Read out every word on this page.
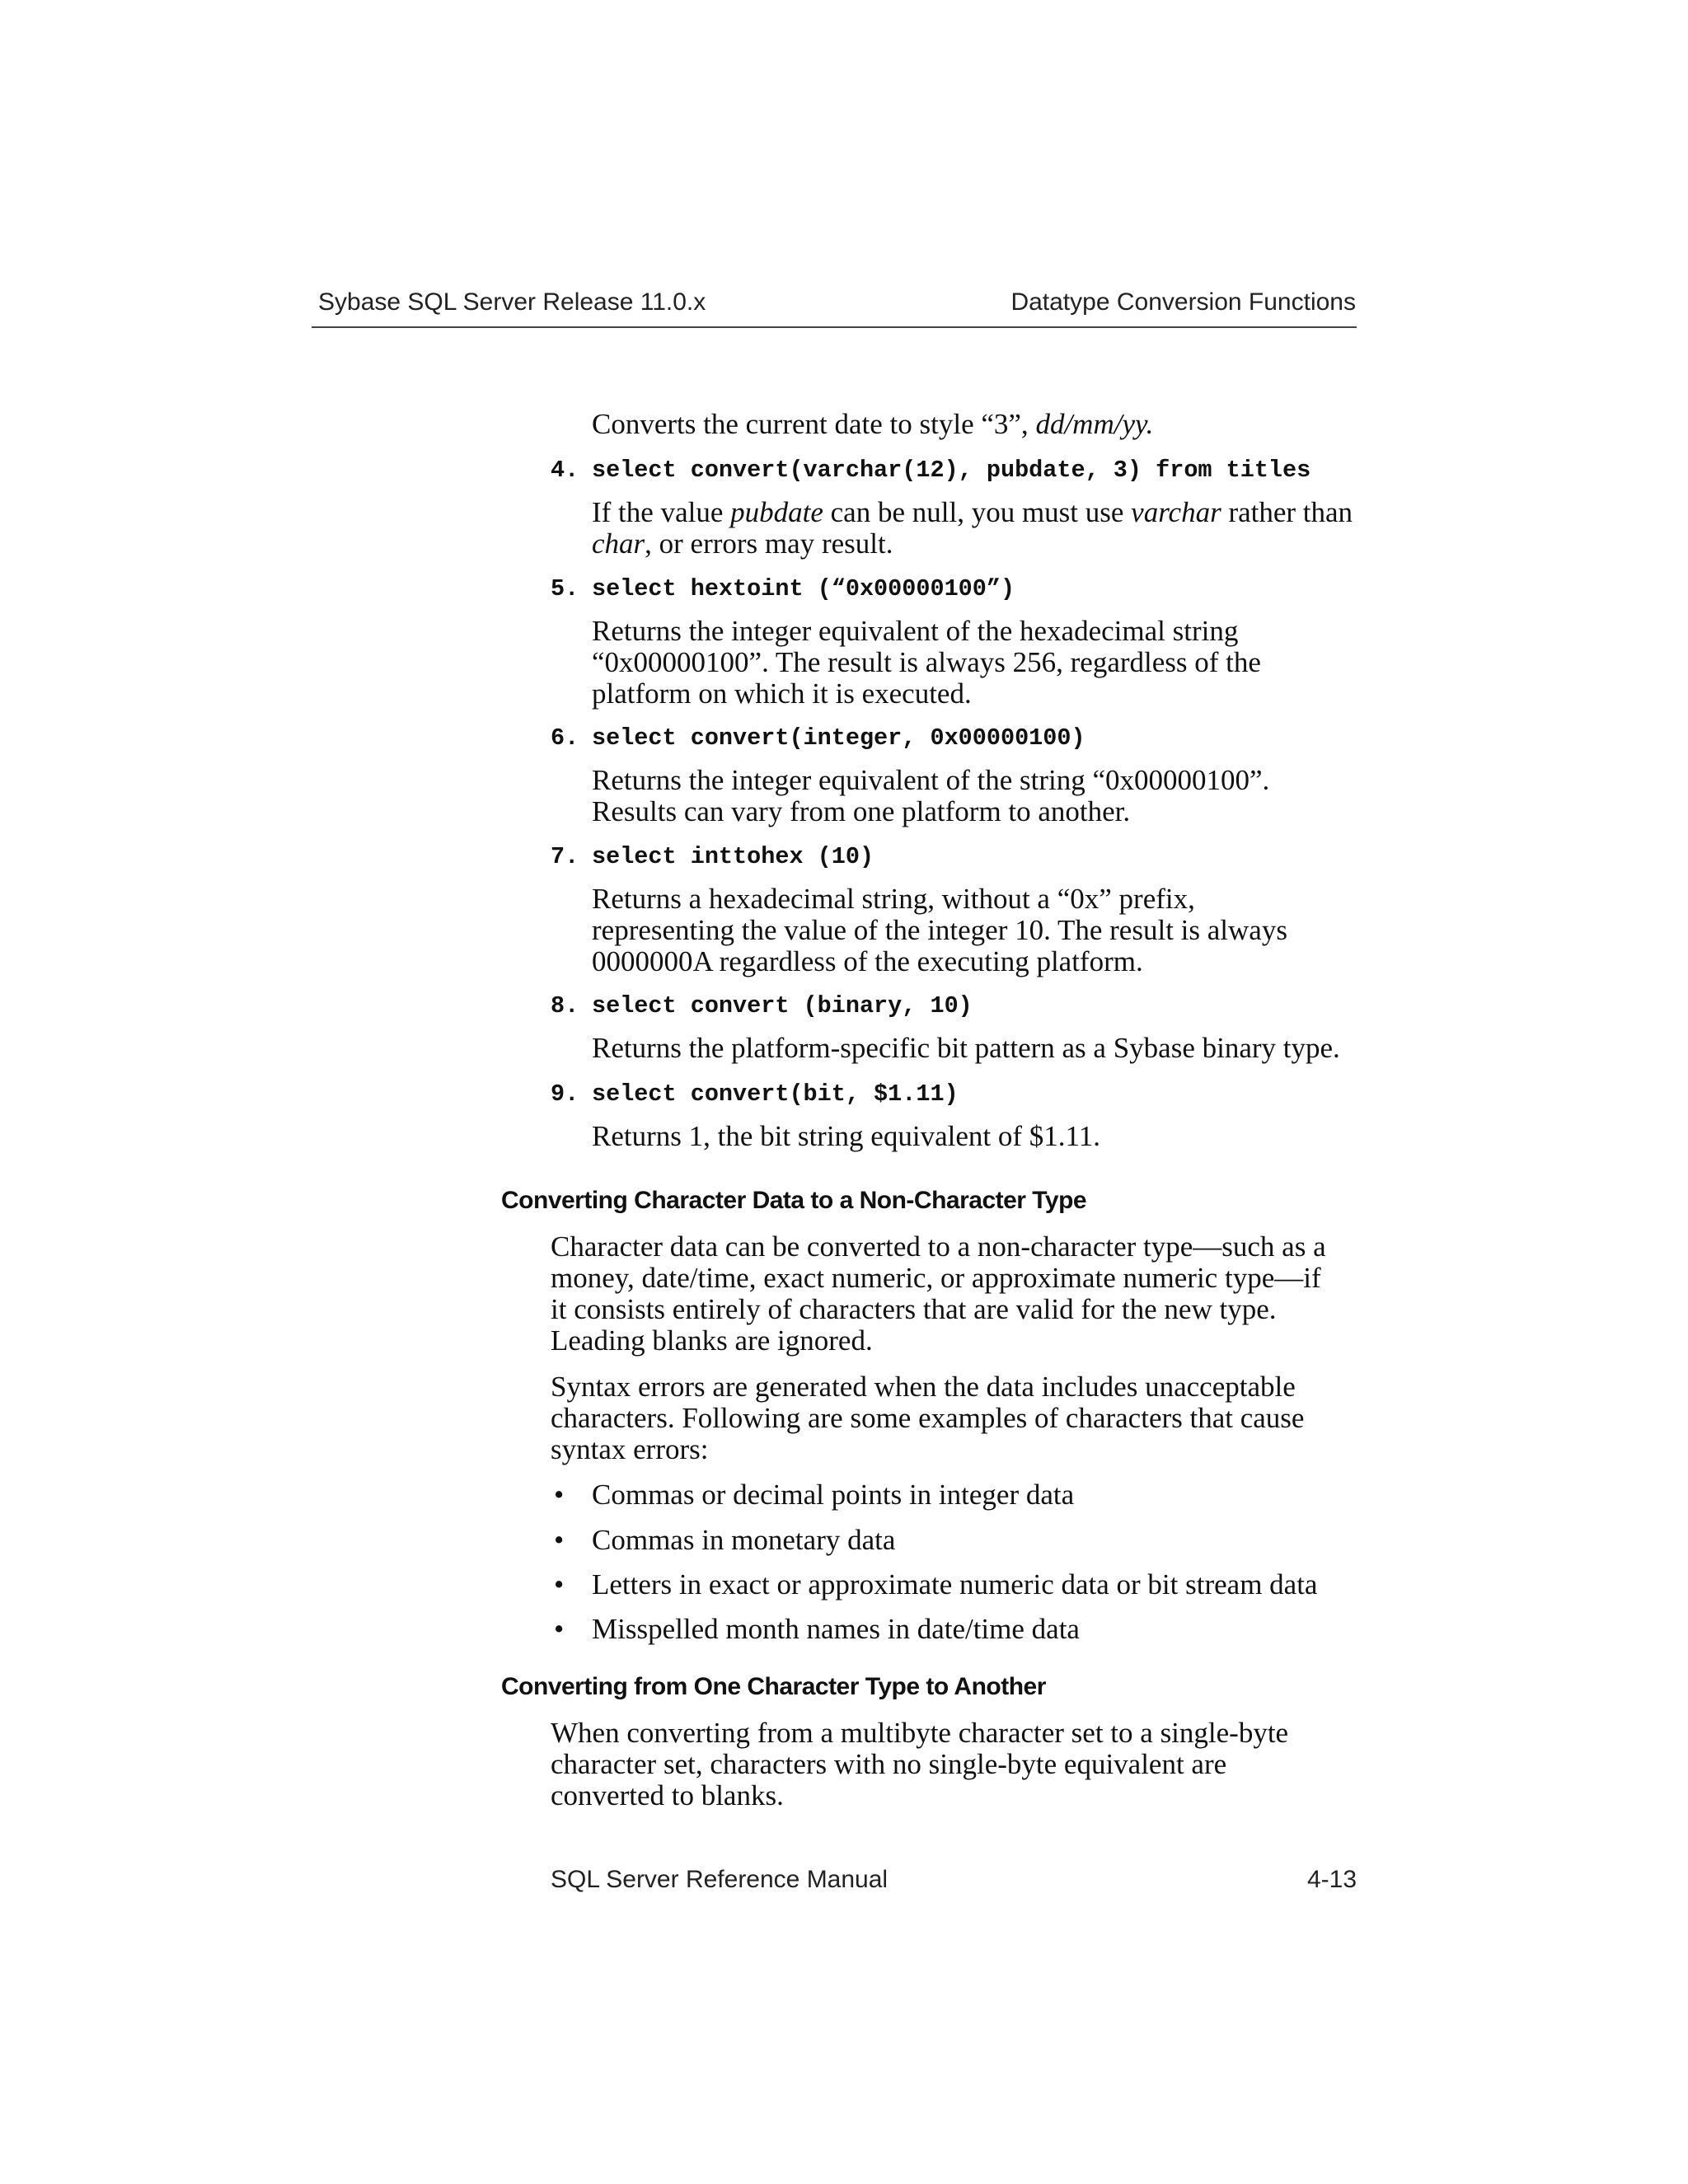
Sybase SQL Server Release 11.0.x	Datatype Conversion Functions

Converts the current date to style “3”, dd/mm/yy.

4.

select convert(varchar(12), pubdate, 3) from titles

If the value pubdate can be null, you must use varchar rather than

char, or errors may result.

5.

select hextoint (“0x00000100”)

Returns the integer equivalent of the hexadecimal string

“0x00000100”. The result is always 256, regardless of the

platform on which it is executed.

6.

select convert(integer, 0x00000100)

Returns the integer equivalent of the string “0x00000100”.

Results can vary from one platform to another.

7.

select inttohex (10)

Returns a hexadecimal string, without a “0x” prefix,

representing the value of the integer 10. The result is always

0000000A regardless of the executing platform.

8.

select convert (binary, 10)

Returns the platform-specific bit pattern as a Sybase binary type.

9.

select convert(bit, $1.11)

Returns 1, the bit string equivalent of $1.11.

Converting Character Data to a Non-Character Type

Character data can be converted to a non-character type—such as a

money, date/time, exact numeric, or approximate numeric type—if

it consists entirely of characters that are valid for the new type.

Leading blanks are ignored.

Syntax errors are generated when the data includes unacceptable

characters. Following are some examples of characters that cause

syntax errors:

• Commas or decimal points in integer data
• Commas in monetary data
• Letters in exact or approximate numeric data or bit stream data
• Misspelled month names in date/time data
Converting from One Character Type to Another

When converting from a multibyte character set to a single-byte

character set, characters with no single-byte equivalent are

converted to blanks.

SQL Server Reference Manual	4-13
